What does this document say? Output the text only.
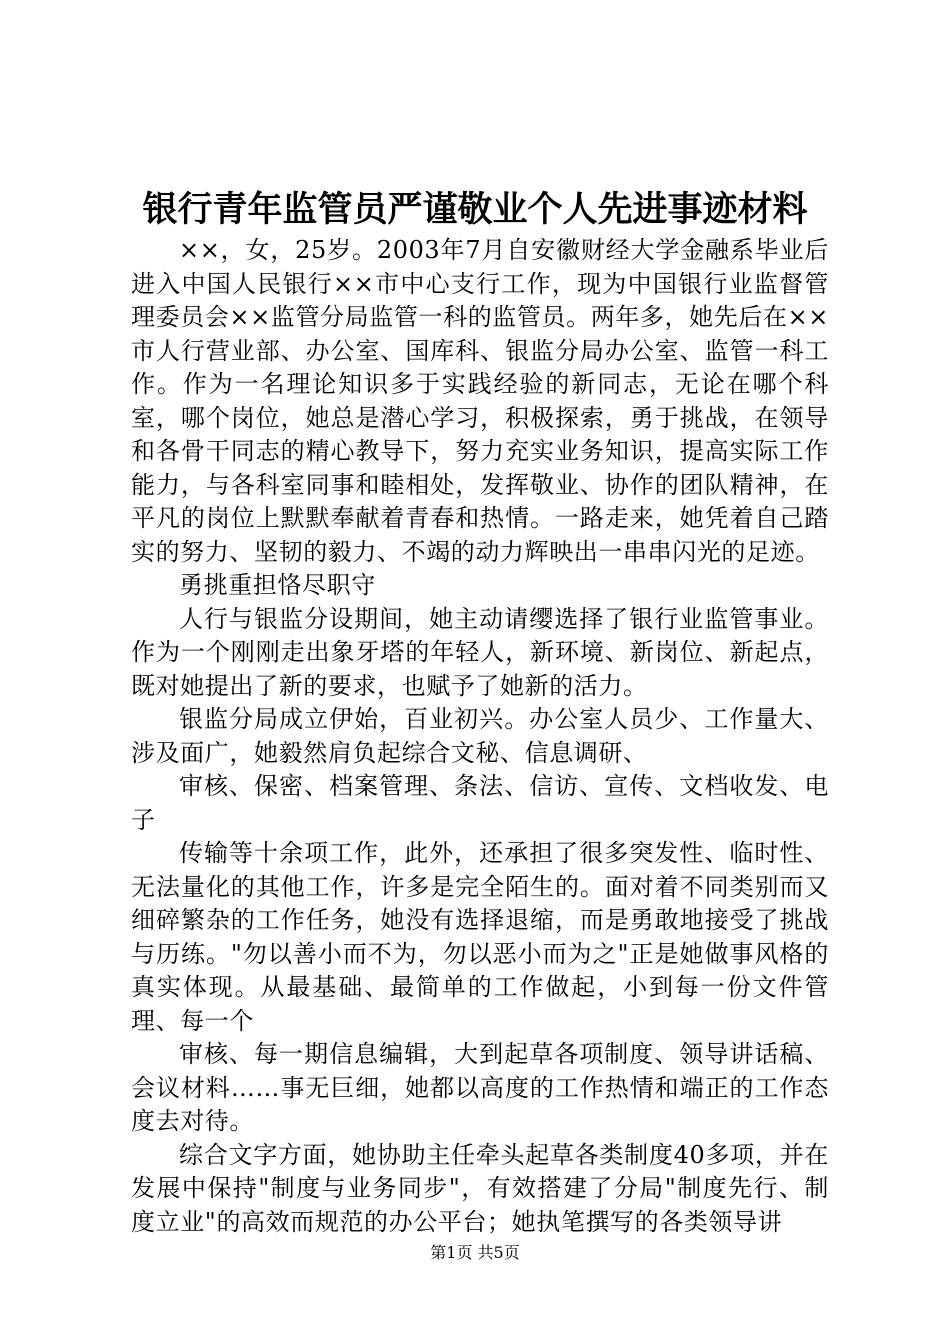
银行青年监管员严谨敬业个人先进事迹材料

××，女，25岁。2003年7月自安徽财经大学金融系毕业后进入中国人民银行××市中心支行工作，现为中国银行业监督管理委员会××监管分局监管一科的监管员。两年多，她先后在××市人行营业部、办公室、国库科、银监分局办公室、监管一科工作。作为一名理论知识多于实践经验的新同志，无论在哪个科室，哪个岗位，她总是潜心学习，积极探索，勇于挑战，在领导和各骨干同志的精心教导下，努力充实业务知识，提高实际工作能力，与各科室同事和睦相处，发挥敬业、协作的团队精神，在平凡的岗位上默默奉献着青春和热情。一路走来，她凭着自己踏实的努力、坚韧的毅力、不竭的动力辉映出一串串闪光的足迹。

勇挑重担恪尽职守

人行与银监分设期间，她主动请缨选择了银行业监管事业。作为一个刚刚走出象牙塔的年轻人，新环境、新岗位、新起点，既对她提出了新的要求，也赋予了她新的活力。

银监分局成立伊始，百业初兴。办公室人员少、工作量大、涉及面广，她毅然肩负起综合文秘、信息调研、

审核、保密、档案管理、条法、信访、宣传、文档收发、电子

传输等十余项工作，此外，还承担了很多突发性、临时性、无法量化的其他工作，许多是完全陌生的。面对着不同类别而又细碎繁杂的工作任务，她没有选择退缩，而是勇敢地接受了挑战与历练。"勿以善小而不为，勿以恶小而为之"正是她做事风格的真实体现。从最基础、最简单的工作做起，小到每一份文件管理、每一个

审核、每一期信息编辑，大到起草各项制度、领导讲话稿、会议材料……事无巨细，她都以高度的工作热情和端正的工作态度去对待。

综合文字方面，她协助主任牵头起草各类制度40多项，并在发展中保持"制度与业务同步"，有效搭建了分局"制度先行、制度立业"的高效而规范的办公平台；她执笔撰写的各类领导讲

第1页 共5页
